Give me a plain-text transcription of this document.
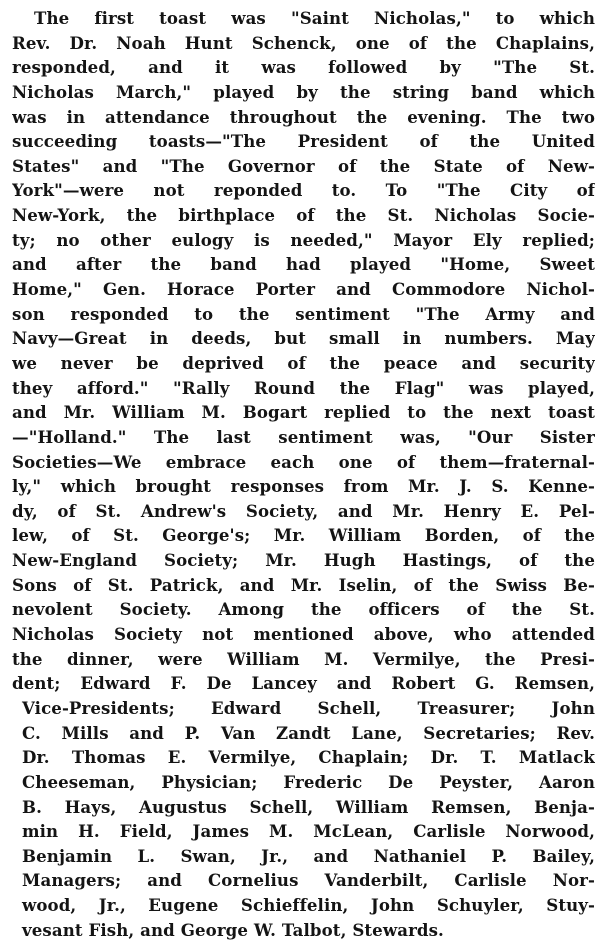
The first toast was "Saint Nicholas," to which
Rev. Dr. Noah Hunt Schenck, one of the Chaplains,
responded, and it was followed by "The St.
Nicholas March," played by the string band which
was in attendance throughout the evening. The two
succeeding toasts—"The President of the United
States" and "The Governor of the State of New-
York"—were not reponded to. To "The City of
New-York, the birthplace of the St. Nicholas Socie-
ty; no other eulogy is needed," Mayor Ely replied;
and after the band had played "Home, Sweet
Home," Gen. Horace Porter and Commodore Nichol-
son responded to the sentiment "The Army and
Navy—Great in deeds, but small in numbers. May
we never be deprived of the peace and security
they afford." "Rally Round the Flag" was played,
and Mr. William M. Bogart replied to the next toast
—"Holland." The last sentiment was, "Our Sister
Societies—We embrace each one of them—fraternal-
ly," which brought responses from Mr. J. S. Kenne-
dy, of St. Andrew's Society, and Mr. Henry E. Pel-
lew, of St. George's; Mr. William Borden, of the
New-England Society; Mr. Hugh Hastings, of the
Sons of St. Patrick, and Mr. Iselin, of the Swiss Be-
nevolent Society. Among the officers of the St.
Nicholas Society not mentioned above, who attended
the dinner, were William M. Vermilye, the Presi-
dent; Edward F. De Lancey and Robert G. Remsen,
Vice-Presidents; Edward Schell, Treasurer; John
C. Mills and P. Van Zandt Lane, Secretaries; Rev.
Dr. Thomas E. Vermilye, Chaplain; Dr. T. Matlack
Cheeseman, Physician; Frederic De Peyster, Aaron
B. Hays, Augustus Schell, William Remsen, Benja-
min H. Field, James M. McLean, Carlisle Norwood,
Benjamin L. Swan, Jr., and Nathaniel P. Bailey,
Managers; and Cornelius Vanderbilt, Carlisle Nor-
wood, Jr., Eugene Schieffelin, John Schuyler, Stuy-
vesant Fish, and George W. Talbot, Stewards.
